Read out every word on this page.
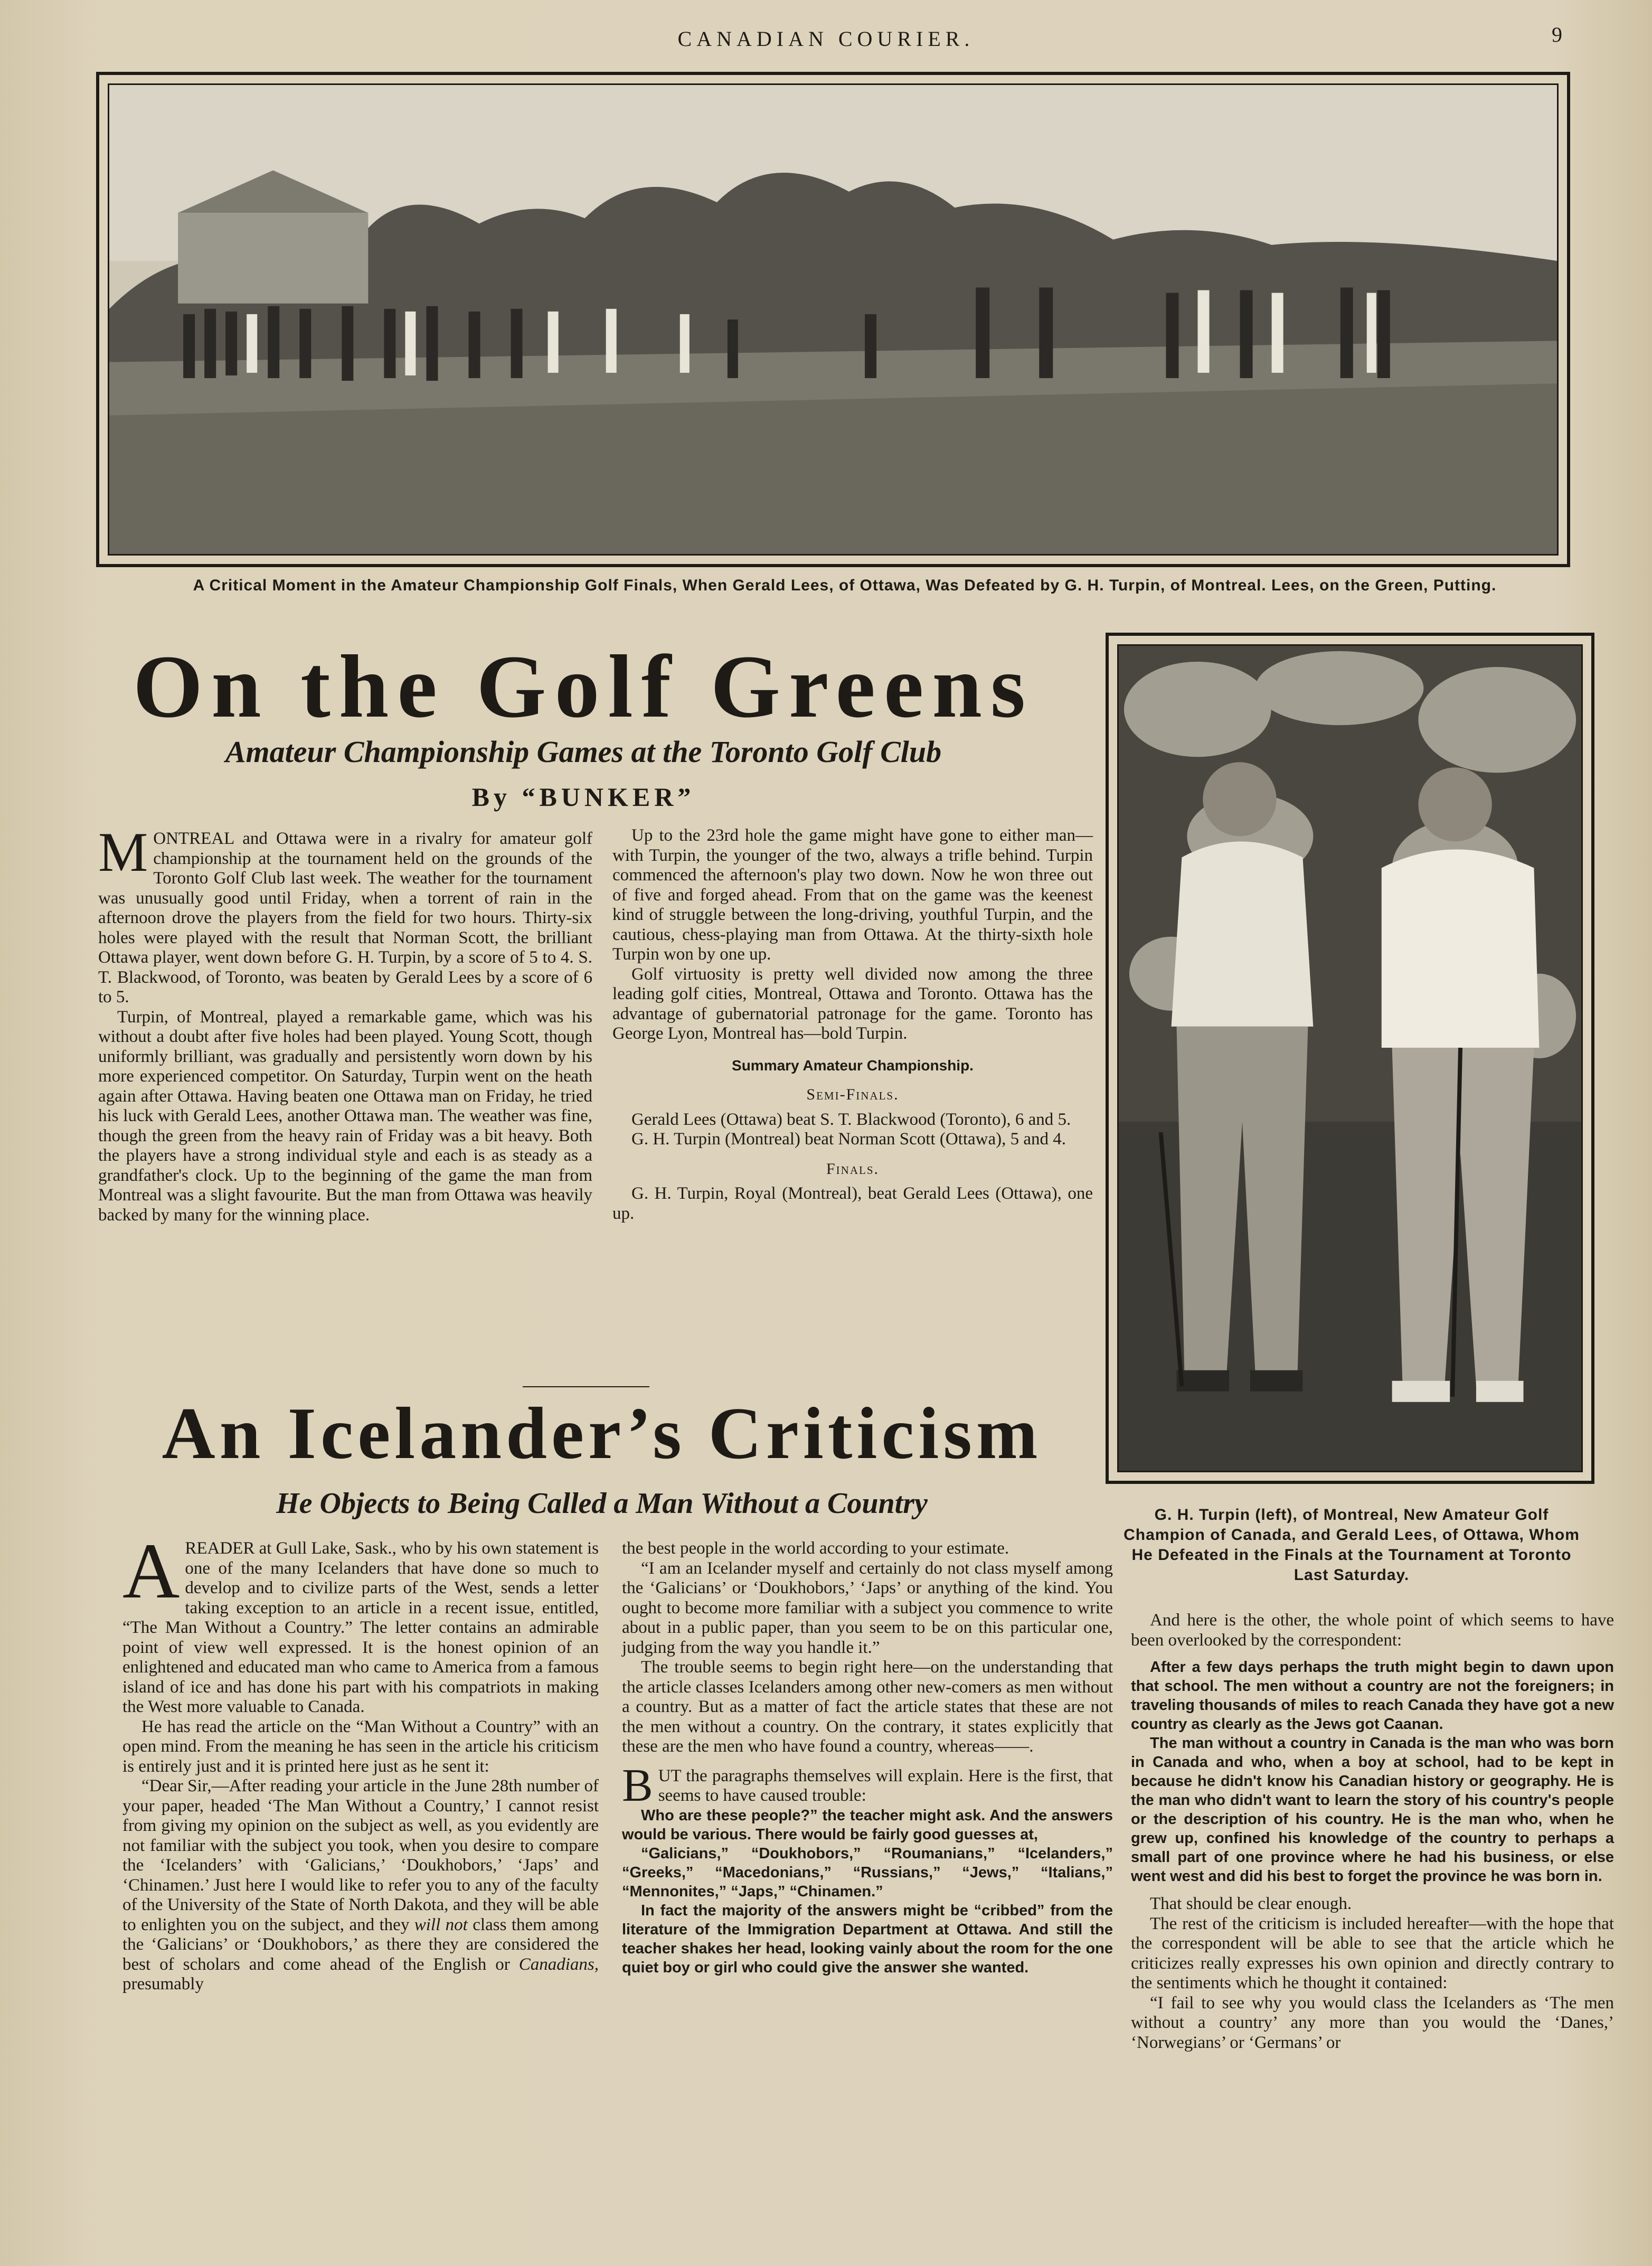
CANADIAN COURIER.	9
A Critical Moment in the Amateur Championship Golf Finals, When Gerald Lees, of Ottawa, Was Defeated by G. H. Turpin, of Montreal. Lees, on the Green, Putting.
On the Golf Greens
Amateur Championship Games at the Toronto Golf Club
By “BUNKER”

MONTREAL and Ottawa were in a rivalry for amateur golf championship at the tournament held on the grounds of the Toronto Golf Club last week. The weather for the tournament was unusually good until Friday, when a torrent of rain in the afternoon drove the players from the field for two hours. Thirty-six holes were played with the result that Norman Scott, the brilliant Ottawa player, went down before G. H. Turpin, by a score of 5 to 4. S. T. Blackwood, of Toronto, was beaten by Gerald Lees by a score of 6 to 5.

Turpin, of Montreal, played a remarkable game, which was his without a doubt after five holes had been played. Young Scott, though uniformly brilliant, was gradually and persistently worn down by his more experienced competitor. On Saturday, Turpin went on the heath again after Ottawa. Having beaten one Ottawa man on Friday, he tried his luck with Gerald Lees, another Ottawa man. The weather was fine, though the green from the heavy rain of Friday was a bit heavy. Both the players have a strong individual style and each is as steady as a grandfather's clock. Up to the beginning of the game the man from Montreal was a slight favourite. But the man from Ottawa was heavily backed by many for the winning place.

Up to the 23rd hole the game might have gone to either man—with Turpin, the younger of the two, always a trifle behind. Turpin commenced the afternoon's play two down. Now he won three out of five and forged ahead. From that on the game was the keenest kind of struggle between the long-driving, youthful Turpin, and the cautious, chess-playing man from Ottawa. At the thirty-sixth hole Turpin won by one up.

Golf virtuosity is pretty well divided now among the three leading golf cities, Montreal, Ottawa and Toronto. Ottawa has the advantage of gubernatorial patronage for the game. Toronto has George Lyon, Montreal has—bold Turpin.

Summary Amateur Championship.

Semi-Finals.

Gerald Lees (Ottawa) beat S. T. Blackwood (Toronto), 6 and 5.

G. H. Turpin (Montreal) beat Norman Scott (Ottawa), 5 and 4.

Finals.

G. H. Turpin, Royal (Montreal), beat Gerald Lees (Ottawa), one up.

G. H. Turpin (left), of Montreal, New Amateur Golf Champion of Canada, and Gerald Lees, of Ottawa, Whom He Defeated in the Finals at the Tournament at Toronto Last Saturday.
An Icelander’s Criticism
He Objects to Being Called a Man Without a Country

AREADER at Gull Lake, Sask., who by his own statement is one of the many Icelanders that have done so much to develop and to civilize parts of the West, sends a letter taking exception to an article in a recent issue, entitled, “The Man Without a Country.” The letter contains an admirable point of view well expressed. It is the honest opinion of an enlightened and educated man who came to America from a famous island of ice and has done his part with his compatriots in making the West more valuable to Canada.

He has read the article on the “Man Without a Country” with an open mind. From the meaning he has seen in the article his criticism is entirely just and it is printed here just as he sent it:

“Dear Sir,—After reading your article in the June 28th number of your paper, headed ‘The Man Without a Country,’ I cannot resist from giving my opinion on the subject as well, as you evidently are not familiar with the subject you took, when you desire to compare the ‘Icelanders’ with ‘Galicians,’ ‘Doukhobors,’ ‘Japs’ and ‘Chinamen.’ Just here I would like to refer you to any of the faculty of the University of the State of North Dakota, and they will be able to enlighten you on the subject, and they will not class them among the ‘Galicians’ or ‘Doukhobors,’ as there they are considered the best of scholars and come ahead of the English or Canadians, presumably

the best people in the world according to your estimate.

“I am an Icelander myself and certainly do not class myself among the ‘Galicians’ or ‘Doukhobors,’ ‘Japs’ or anything of the kind. You ought to become more familiar with a subject you commence to write about in a public paper, than you seem to be on this particular one, judging from the way you handle it.”

The trouble seems to begin right here—on the understanding that the article classes Icelanders among other new-comers as men without a country. But as a matter of fact the article states that these are not the men without a country. On the contrary, it states explicitly that these are the men who have found a country, whereas——.

BUT the paragraphs themselves will explain. Here is the first, that seems to have caused trouble:

Who are these people?” the teacher might ask. And the answers would be various. There would be fairly good guesses at,

“Galicians,” “Doukhobors,” “Roumanians,” “Icelanders,” “Greeks,” “Macedonians,” “Russians,” “Jews,” “Italians,” “Mennonites,” “Japs,” “Chinamen.”

In fact the majority of the answers might be “cribbed” from the literature of the Immigration Department at Ottawa. And still the teacher shakes her head, looking vainly about the room for the one quiet boy or girl who could give the answer she wanted.

And here is the other, the whole point of which seems to have been overlooked by the correspondent:

After a few days perhaps the truth might begin to dawn upon that school. The men without a country are not the foreigners; in traveling thousands of miles to reach Canada they have got a new country as clearly as the Jews got Caanan.

The man without a country in Canada is the man who was born in Canada and who, when a boy at school, had to be kept in because he didn't know his Canadian history or geography. He is the man who didn't want to learn the story of his country's people or the description of his country. He is the man who, when he grew up, confined his knowledge of the country to perhaps a small part of one province where he had his business, or else went west and did his best to forget the province he was born in.

That should be clear enough.

The rest of the criticism is included hereafter—with the hope that the correspondent will be able to see that the article which he criticizes really expresses his own opinion and directly contrary to the sentiments which he thought it contained:

“I fail to see why you would class the Icelanders as ‘The men without a country’ any more than you would the ‘Danes,’ ‘Norwegians’ or ‘Germans’ or
